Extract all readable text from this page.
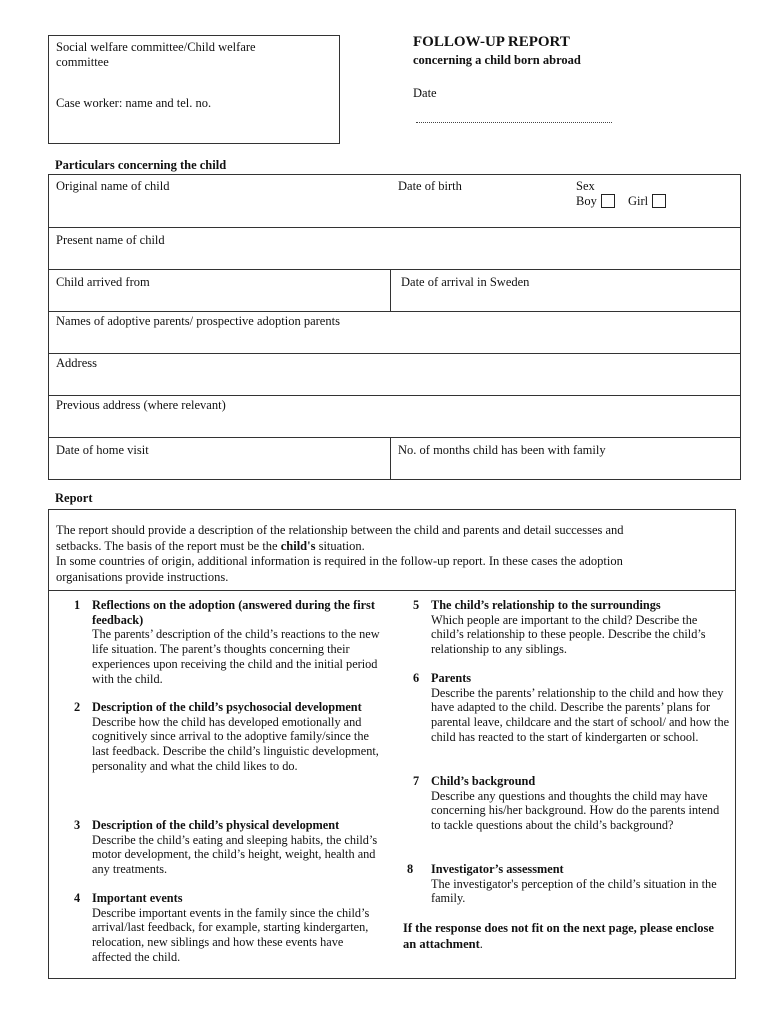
Social welfare committee/Child welfare
committee
Case worker: name and tel. no.
FOLLOW-UP REPORT
concerning a child born abroad
Date
Particulars concerning the child
Original name of child	Date of birth	Sex
Boy Girl
Present name of child
Child arrived from	Date of arrival in Sweden
Names of adoptive parents/ prospective adoption parents
Address
Previous address (where relevant)
Date of home visit	No. of months child has been with family
Report
The report should provide a description of the relationship between the child and parents and detail successes and
setbacks. The basis of the report must be the child's situation.
In some countries of origin, additional information is required in the follow-up report. In these cases the adoption
organisations provide instructions.
1 Reflections on the adoption (answered during the first feedback)
The parents’ description of the child’s reactions to the new life situation. The parent’s thoughts concerning their experiences upon receiving the child and the initial period with the child.
2 Description of the child’s psychosocial development
Describe how the child has developed emotionally and cognitively since arrival to the adoptive family/since the last feedback. Describe the child’s linguistic development, personality and what the child likes to do.
3 Description of the child’s physical development
Describe the child’s eating and sleeping habits, the child’s motor development, the child’s height, weight, health and any treatments.
4 Important events
Describe important events in the family since the child’s arrival/last feedback, for example, starting kindergarten, relocation, new siblings and how these events have affected the child.
5 The child’s relationship to the surroundings
Which people are important to the child? Describe the child’s relationship to these people. Describe the child’s relationship to any siblings.
6 Parents
Describe the parents’ relationship to the child and how they have adapted to the child. Describe the parents’ plans for parental leave, childcare and the start of school/ and how the child has reacted to the start of kindergarten or school.
7 Child’s background
Describe any questions and thoughts the child may have concerning his/her background. How do the parents intend to tackle questions about the child’s background?
8 Investigator’s assessment
The investigator's perception of the child’s situation in the family.
If the response does not fit on the next page, please enclose an attachment.
